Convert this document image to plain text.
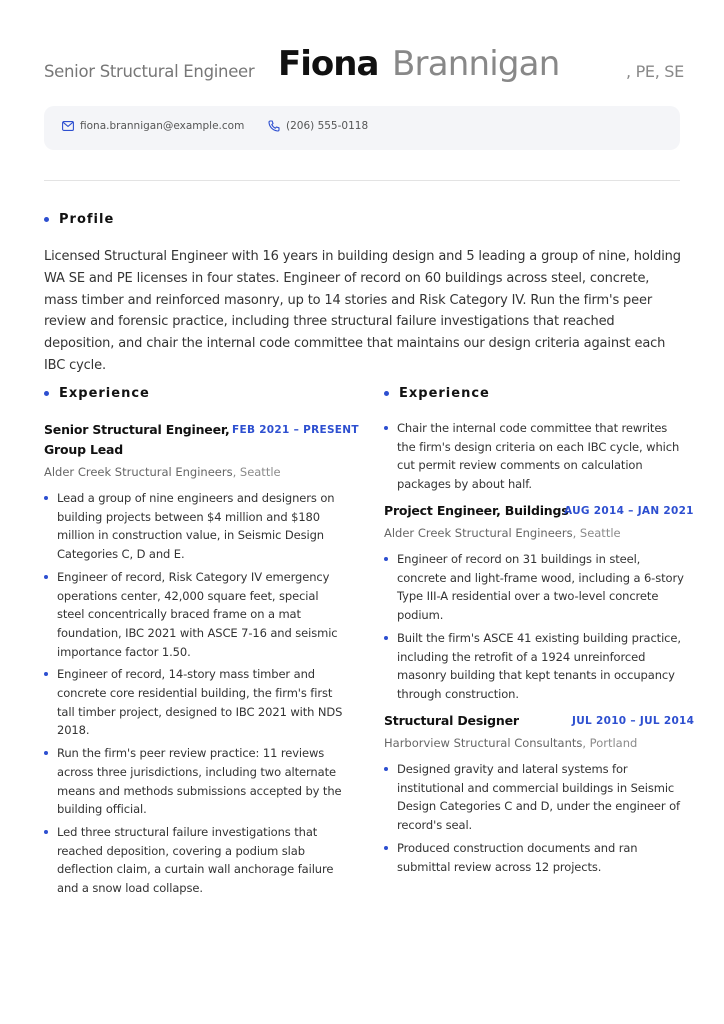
Senior Structural Engineer Fiona Brannigan	, PE, SE
fiona.brannigan@example.com	(206) 555-0118
Profile

Licensed Structural Engineer with 16 years in building design and 5 leading a group of nine, holding WA SE and PE licenses in four states. Engineer of record on 60 buildings across steel, concrete, mass timber and reinforced masonry, up to 14 stories and Risk Category IV. Run the firm's peer review and forensic practice, including three structural failure investigations that reached deposition, and chair the internal code committee that maintains our design criteria against each IBC cycle.

Experience
Senior Structural Engineer, Group Lead
FEB 2021 – PRESENT
Alder Creek Structural Engineers, Seattle
Lead a group of nine engineers and designers on building projects between $4 million and $180 million in construction value, in Seismic Design Categories C, D and E.
Engineer of record, Risk Category IV emergency operations center, 42,000 square feet, special steel concentrically braced frame on a mat foundation, IBC 2021 with ASCE 7-16 and seismic importance factor 1.50.
Engineer of record, 14-story mass timber and concrete core residential building, the firm's first tall timber project, designed to IBC 2021 with NDS 2018.
Run the firm's peer review practice: 11 reviews across three jurisdictions, including two alternate means and methods submissions accepted by the building official.
Led three structural failure investigations that reached deposition, covering a podium slab deflection claim, a curtain wall anchorage failure and a snow load collapse.
Experience
Chair the internal code committee that rewrites the firm's design criteria on each IBC cycle, which cut permit review comments on calculation packages by about half.
Project Engineer, Buildings
AUG 2014 – JAN 2021
Alder Creek Structural Engineers, Seattle
Engineer of record on 31 buildings in steel, concrete and light-frame wood, including a 6-story Type III-A residential over a two-level concrete podium.
Built the firm's ASCE 41 existing building practice, including the retrofit of a 1924 unreinforced masonry building that kept tenants in occupancy through construction.
Structural Designer	JUL 2010 – JUL 2014
Harborview Structural Consultants, Portland
Designed gravity and lateral systems for institutional and commercial buildings in Seismic Design Categories C and D, under the engineer of record's seal.
Produced construction documents and ran submittal review across 12 projects.
